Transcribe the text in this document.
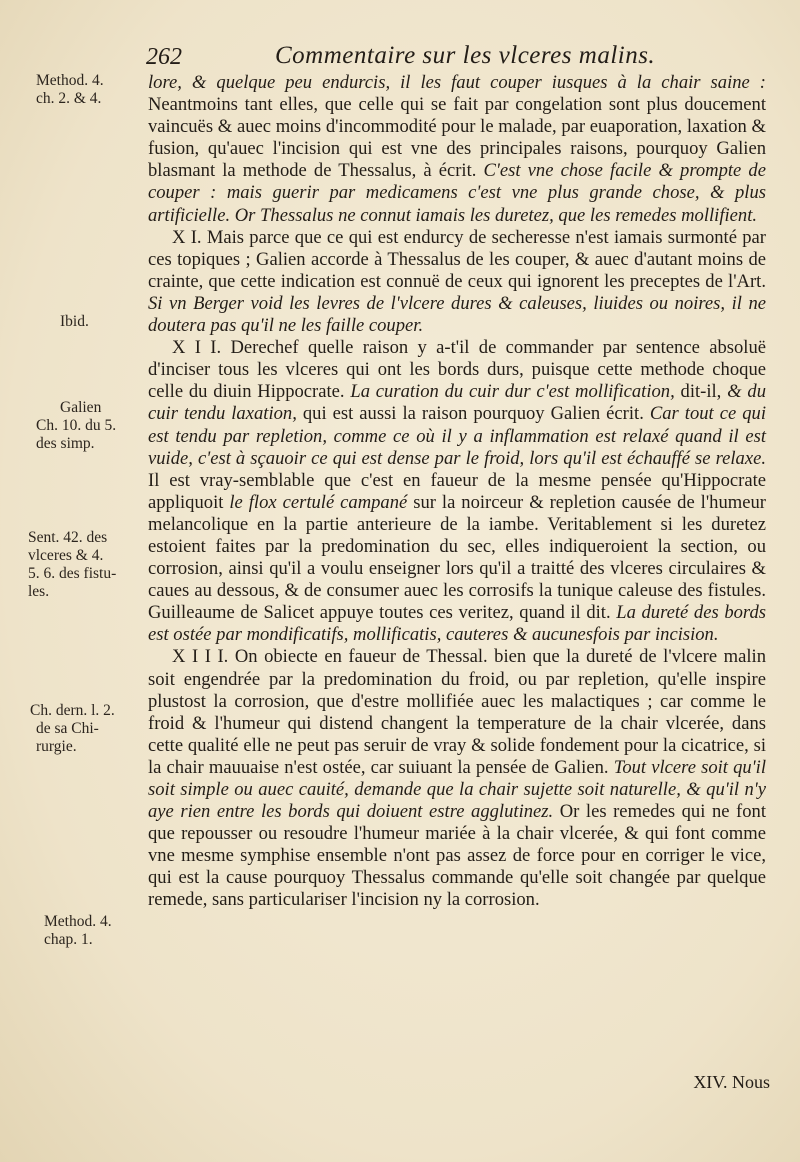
262	Commentaire sur les vlceres malins.
Method. 4.
ch. 2. & 4.
Ibid.
Galien
Ch. 10. du 5.
des simp.
Sent. 42. des
vlceres & 4.
5. 6. des fistu-
les.
Ch. dern. l. 2.
de sa Chi-
rurgie.
Method. 4.
chap. 1.

lore, & quelque peu endurcis, il les faut couper iusques à la chair saine : Neantmoins tant elles, que celle qui se fait par congelation sont plus doucement vaincuës & auec moins d'incommodité pour le malade, par euaporation, laxation & fusion, qu'auec l'incision qui est vne des principales raisons, pourquoy Galien blasmant la methode de Thessalus, à écrit. C'est vne chose facile & prompte de couper : mais guerir par medicamens c'est vne plus grande chose, & plus artificielle. Or Thessalus ne connut iamais les duretez, que les remedes mollifient.

X I. Mais parce que ce qui est endurcy de secheresse n'est iamais surmonté par ces topiques ; Galien accorde à Thessalus de les couper, & auec d'autant moins de crainte, que cette indication est connuë de ceux qui ignorent les preceptes de l'Art. Si vn Berger void les levres de l'vlcere dures & caleuses, liuides ou noires, il ne doutera pas qu'il ne les faille couper.

X I I. Derechef quelle raison y a-t'il de commander par sentence absoluë d'inciser tous les vlceres qui ont les bords durs, puisque cette methode choque celle du diuin Hippocrate. La curation du cuir dur c'est mollification, dit-il, & du cuir tendu laxation, qui est aussi la raison pourquoy Galien écrit. Car tout ce qui est tendu par repletion, comme ce où il y a inflammation est relaxé quand il est vuide, c'est à sçauoir ce qui est dense par le froid, lors qu'il est échauffé se relaxe. Il est vray-semblable que c'est en faueur de la mesme pensée qu'Hippocrate appliquoit le flox certulé campané sur la noirceur & repletion causée de l'humeur melancolique en la partie anterieure de la iambe. Veritablement si les duretez estoient faites par la predomination du sec, elles indiqueroient la section, ou corrosion, ainsi qu'il a voulu enseigner lors qu'il a traitté des vlceres circulaires & caues au dessous, & de consumer auec les corrosifs la tunique caleuse des fistules. Guilleaume de Salicet appuye toutes ces veritez, quand il dit. La dureté des bords est ostée par mondificatifs, mollificatis, cauteres & aucunesfois par incision.

X I I I. On obiecte en faueur de Thessal. bien que la dureté de l'vlcere malin soit engendrée par la predomination du froid, ou par repletion, qu'elle inspire plustost la corrosion, que d'estre mollifiée auec les malactiques ; car comme le froid & l'humeur qui distend changent la temperature de la chair vlcerée, dans cette qualité elle ne peut pas seruir de vray & solide fondement pour la cicatrice, si la chair mauuaise n'est ostée, car suiuant la pensée de Galien. Tout vlcere soit qu'il soit simple ou auec cauité, demande que la chair sujette soit naturelle, & qu'il n'y aye rien entre les bords qui doiuent estre agglutinez. Or les remedes qui ne font que repousser ou resoudre l'humeur mariée à la chair vlcerée, & qui font comme vne mesme symphise ensemble n'ont pas assez de force pour en corriger le vice, qui est la cause pourquoy Thessalus commande qu'elle soit changée par quelque remede, sans particulariser l'incision ny la corrosion.

XIV. Nous
